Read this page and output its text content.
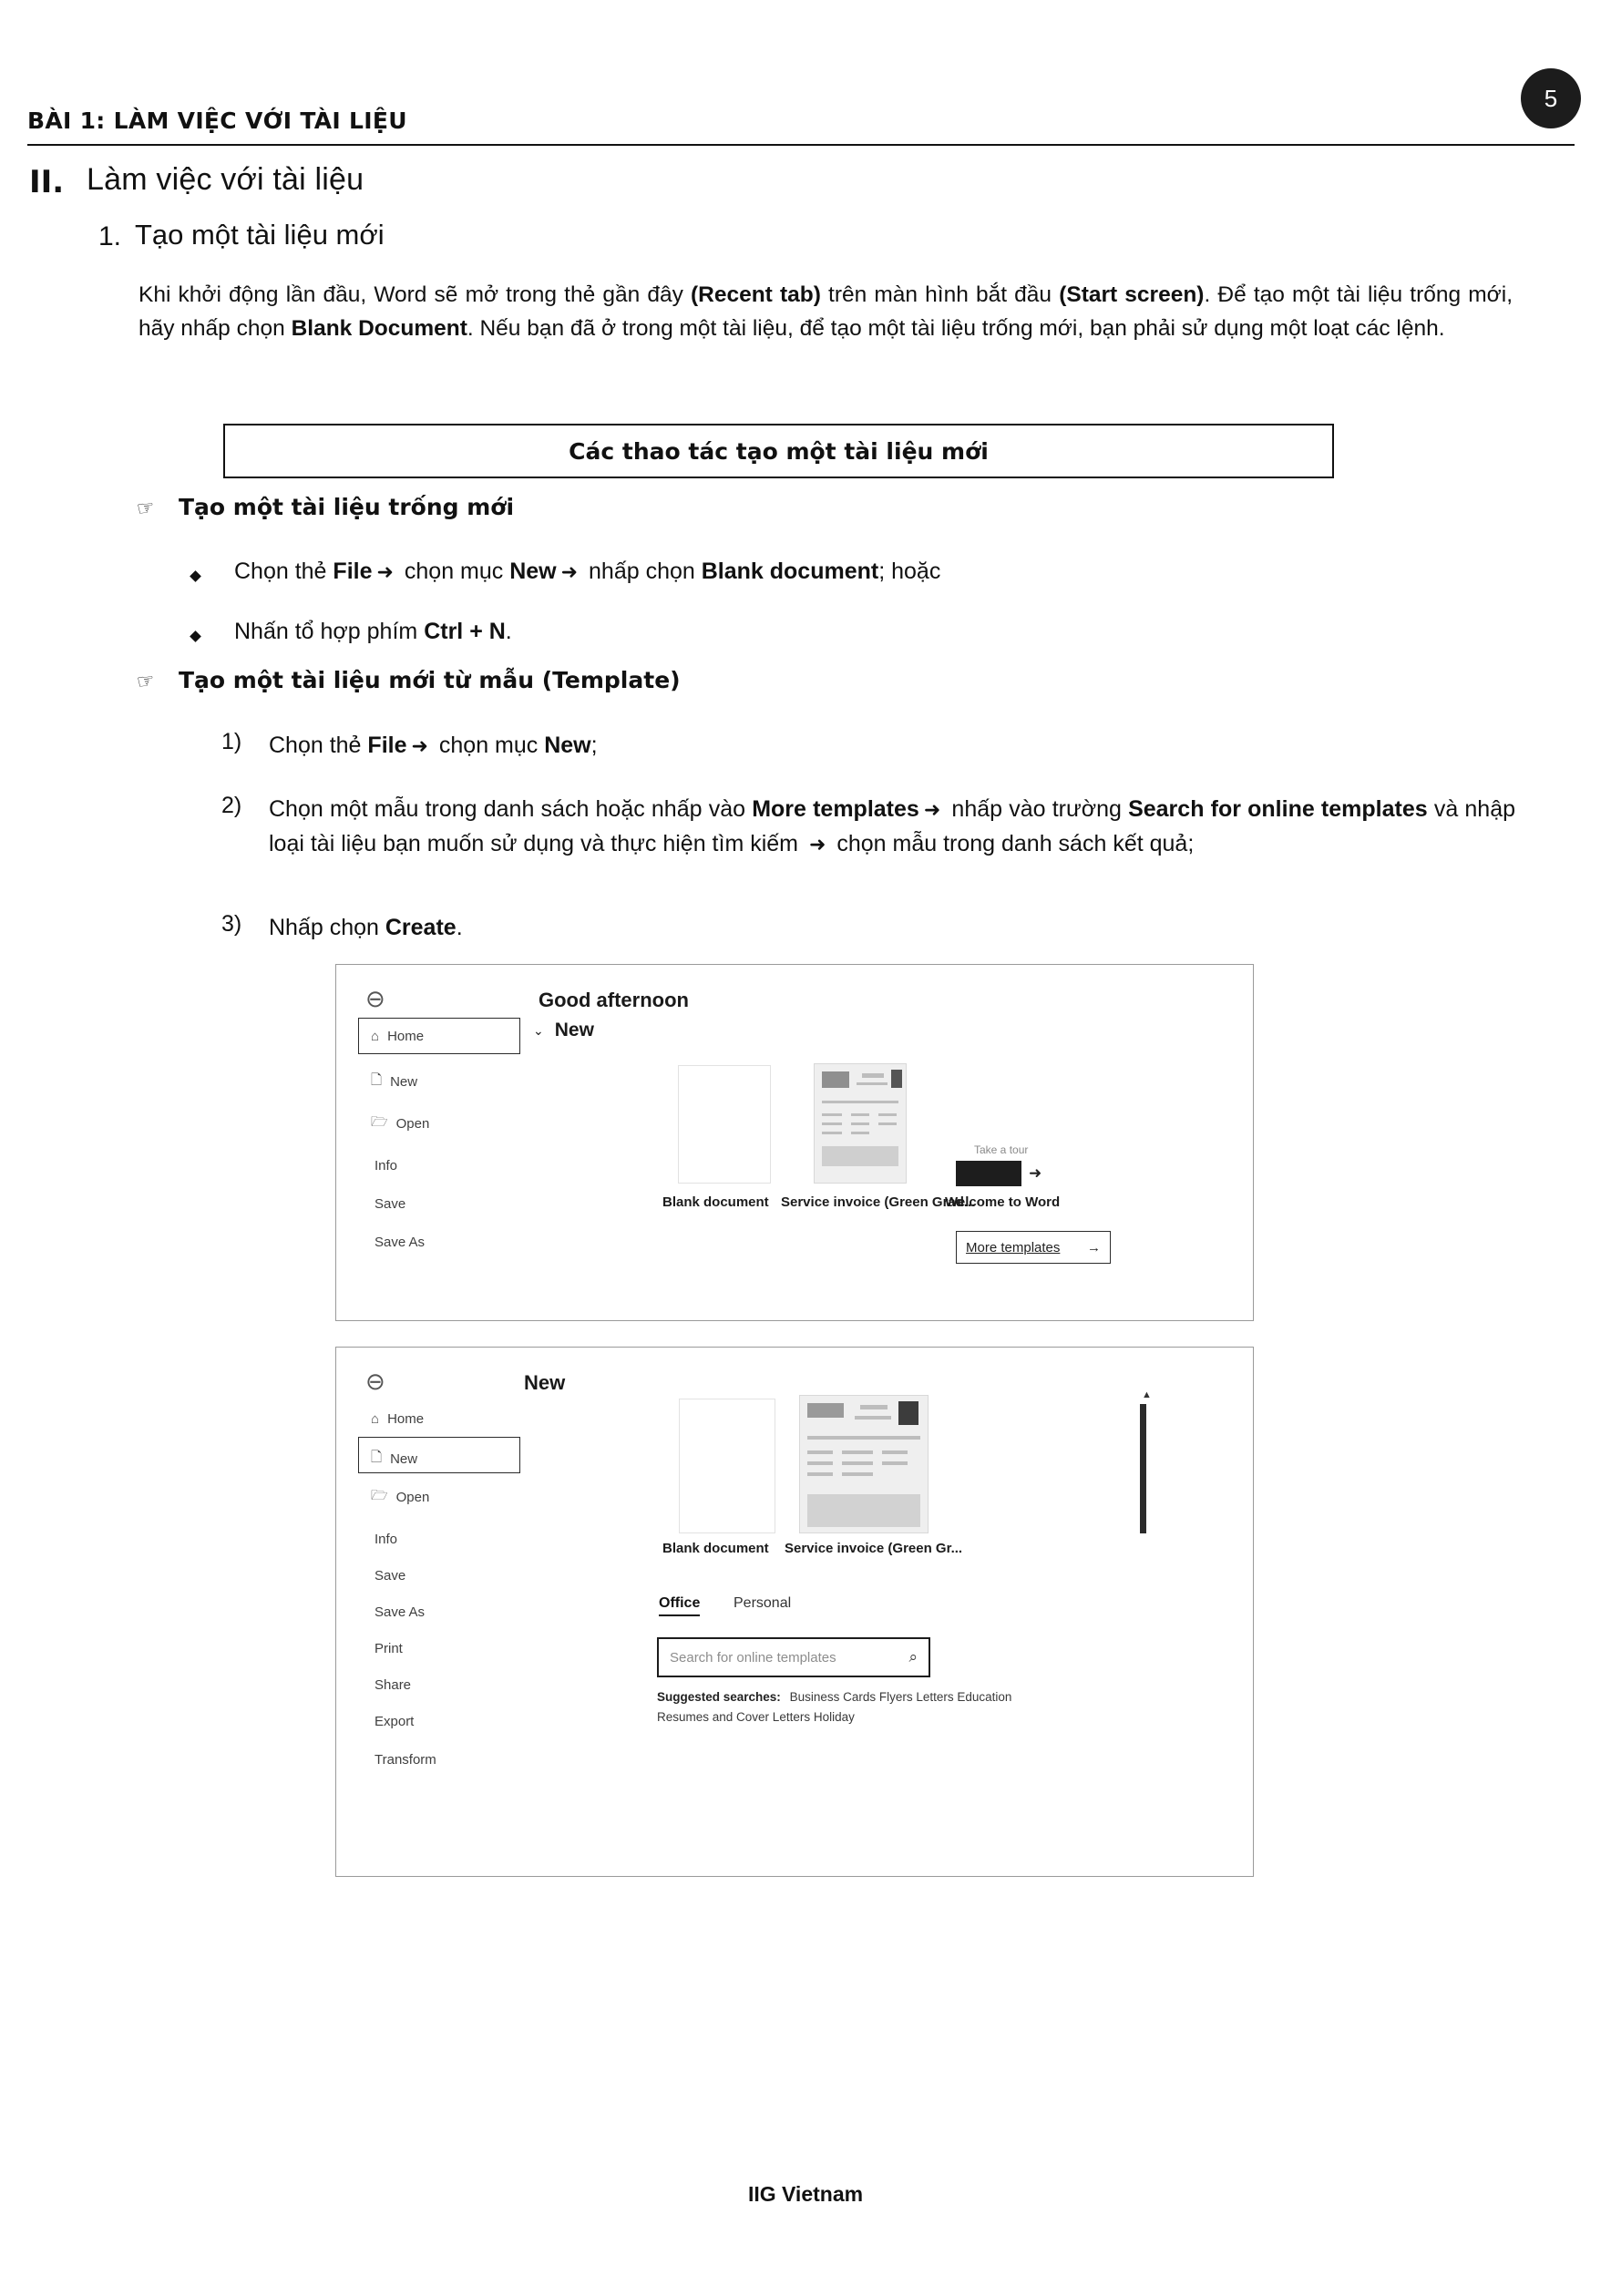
BÀI 1: LÀM VIỆC VỚI TÀI LIỆU
5
II. Làm việc với tài liệu
1. Tạo một tài liệu mới
Khi khởi động lần đầu, Word sẽ mở trong thẻ gần đây (Recent tab) trên màn hình bắt đầu (Start screen). Để tạo một tài liệu trống mới, hãy nhấp chọn Blank Document. Nếu bạn đã ở trong một tài liệu, để tạo một tài liệu trống mới, bạn phải sử dụng một loạt các lệnh.
Các thao tác tạo một tài liệu mới
☞ Tạo một tài liệu trống mới
Chọn thẻ File ➜ chọn mục New ➜ nhấp chọn Blank document; hoặc
Nhấn tổ hợp phím Ctrl + N.
☞ Tạo một tài liệu mới từ mẫu (Template)
1) Chọn thẻ File ➜ chọn mục New;
2) Chọn một mẫu trong danh sách hoặc nhấp vào More templates ➜ nhấp vào trường Search for online templates và nhập loại tài liệu bạn muốn sử dụng và thực hiện tìm kiếm ➜ chọn mẫu trong danh sách kết quả;
3) Nhấp chọn Create.
⊖	Good afternoon
⌂ Home
🗋 New
🗁 Open
Info
Save
Save As
⌄ New
Blank document Service invoice (Green Grad...
Take a tour
➜
Welcome to Word
More templates →
⊖	New
⌂ Home
🗋 New
🗁 Open
Info
Save
Save As
Print
Share
Export
Transform
Blank document Service invoice (Green Gr...
▲
Office Personal
Search for online templates	⌕
Suggested searches: Business Cards Flyers Letters Education
Resumes and Cover Letters Holiday
IIG Vietnam
